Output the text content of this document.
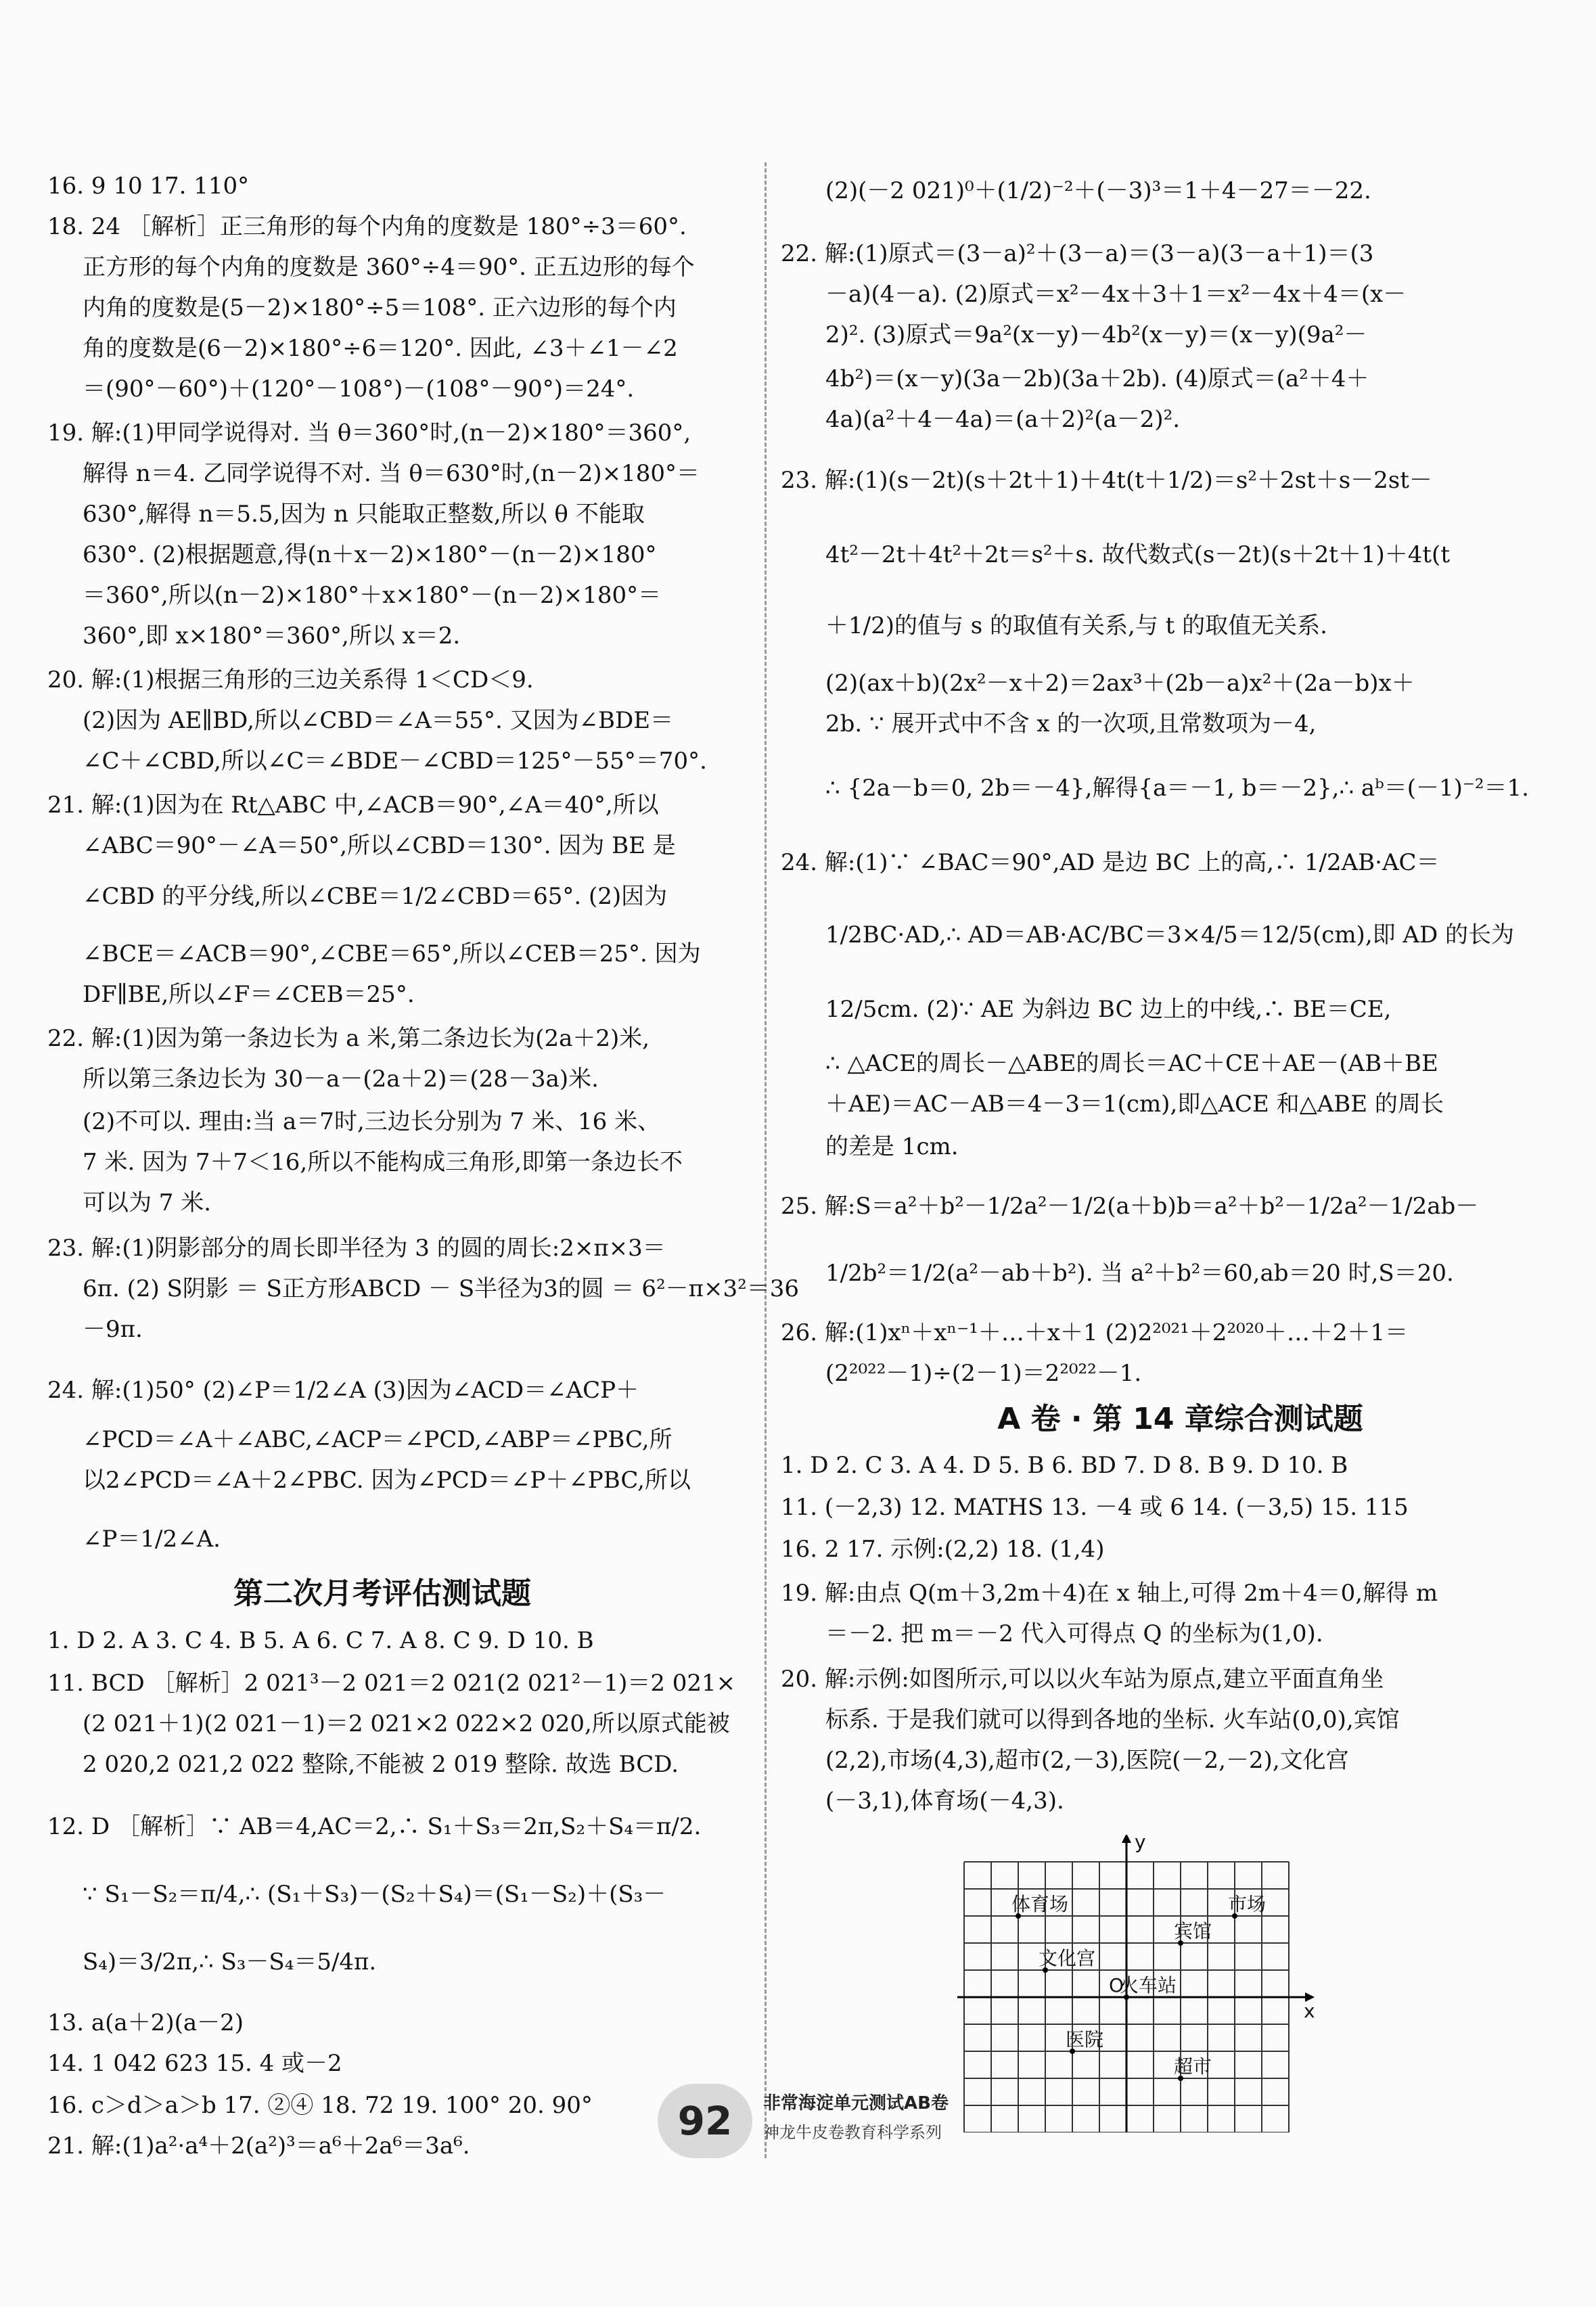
16. 9 10 17. 110°
18. 24 ［解析］正三角形的每个内角的度数是 180°÷3＝60°.
正方形的每个内角的度数是 360°÷4＝90°. 正五边形的每个
内角的度数是(5－2)×180°÷5＝108°. 正六边形的每个内
角的度数是(6－2)×180°÷6＝120°. 因此, ∠3＋∠1－∠2
＝(90°－60°)＋(120°－108°)－(108°－90°)＝24°.
19. 解:(1)甲同学说得对. 当 θ＝360°时,(n－2)×180°＝360°,
解得 n＝4. 乙同学说得不对. 当 θ＝630°时,(n－2)×180°＝
630°,解得 n＝5.5,因为 n 只能取正整数,所以 θ 不能取
630°. (2)根据题意,得(n＋x－2)×180°－(n－2)×180°
＝360°,所以(n－2)×180°＋x×180°－(n－2)×180°＝
360°,即 x×180°＝360°,所以 x＝2.
20. 解:(1)根据三角形的三边关系得 1＜CD＜9.
(2)因为 AE∥BD,所以∠CBD＝∠A＝55°. 又因为∠BDE＝
∠C＋∠CBD,所以∠C＝∠BDE－∠CBD＝125°－55°＝70°.
21. 解:(1)因为在 Rt△ABC 中,∠ACB＝90°,∠A＝40°,所以
∠ABC＝90°－∠A＝50°,所以∠CBD＝130°. 因为 BE 是
∠CBD 的平分线,所以∠CBE＝1/2∠CBD＝65°. (2)因为
∠BCE＝∠ACB＝90°,∠CBE＝65°,所以∠CEB＝25°. 因为
DF∥BE,所以∠F＝∠CEB＝25°.
22. 解:(1)因为第一条边长为 a 米,第二条边长为(2a＋2)米,
所以第三条边长为 30－a－(2a＋2)＝(28－3a)米.
(2)不可以. 理由:当 a＝7时,三边长分别为 7 米、16 米、
7 米. 因为 7＋7＜16,所以不能构成三角形,即第一条边长不
可以为 7 米.
23. 解:(1)阴影部分的周长即半径为 3 的圆的周长:2×π×3＝
6π. (2) S阴影 ＝ S正方形ABCD － S半径为3的圆 ＝ 6²－π×3²＝36
－9π.
24. 解:(1)50° (2)∠P＝1/2∠A (3)因为∠ACD＝∠ACP＋
∠PCD＝∠A＋∠ABC,∠ACP＝∠PCD,∠ABP＝∠PBC,所
以2∠PCD＝∠A＋2∠PBC. 因为∠PCD＝∠P＋∠PBC,所以
∠P＝1/2∠A.
第二次月考评估测试题
1. D 2. A 3. C 4. B 5. A 6. C 7. A 8. C 9. D 10. B
11. BCD ［解析］2 021³－2 021＝2 021(2 021²－1)＝2 021×
(2 021＋1)(2 021－1)＝2 021×2 022×2 020,所以原式能被
2 020,2 021,2 022 整除,不能被 2 019 整除. 故选 BCD.
12. D ［解析］∵ AB＝4,AC＝2,∴ S₁＋S₃＝2π,S₂＋S₄＝π/2.
∵ S₁－S₂＝π/4,∴ (S₁＋S₃)－(S₂＋S₄)＝(S₁－S₂)＋(S₃－
S₄)＝3/2π,∴ S₃－S₄＝5/4π.
13. a(a＋2)(a－2)
14. 1 042 623 15. 4 或－2
16. c＞d＞a＞b 17. ②④ 18. 72 19. 100° 20. 90°
21. 解:(1)a²·a⁴＋2(a²)³＝a⁶＋2a⁶＝3a⁶.
(2)(－2 021)⁰＋(1/2)⁻²＋(－3)³＝1＋4－27＝－22.
22. 解:(1)原式＝(3－a)²＋(3－a)＝(3－a)(3－a＋1)＝(3
－a)(4－a). (2)原式＝x²－4x＋3＋1＝x²－4x＋4＝(x－
2)². (3)原式＝9a²(x－y)－4b²(x－y)＝(x－y)(9a²－
4b²)＝(x－y)(3a－2b)(3a＋2b). (4)原式＝(a²＋4＋
4a)(a²＋4－4a)＝(a＋2)²(a－2)².
23. 解:(1)(s－2t)(s＋2t＋1)＋4t(t＋1/2)＝s²＋2st＋s－2st－
4t²－2t＋4t²＋2t＝s²＋s. 故代数式(s－2t)(s＋2t＋1)＋4t(t
＋1/2)的值与 s 的取值有关系,与 t 的取值无关系.
(2)(ax＋b)(2x²－x＋2)＝2ax³＋(2b－a)x²＋(2a－b)x＋
2b. ∵ 展开式中不含 x 的一次项,且常数项为－4,
∴ {2a－b＝0, 2b＝－4},解得{a＝－1, b＝－2},∴ aᵇ＝(－1)⁻²＝1.
24. 解:(1)∵ ∠BAC＝90°,AD 是边 BC 上的高,∴ 1/2AB·AC＝
1/2BC·AD,∴ AD＝AB·AC/BC＝3×4/5＝12/5(cm),即 AD 的长为
12/5cm. (2)∵ AE 为斜边 BC 边上的中线,∴ BE＝CE,
∴ △ACE的周长－△ABE的周长＝AC＋CE＋AE－(AB＋BE
＋AE)＝AC－AB＝4－3＝1(cm),即△ACE 和△ABE 的周长
的差是 1cm.
25. 解:S＝a²＋b²－1/2a²－1/2(a＋b)b＝a²＋b²－1/2a²－1/2ab－
1/2b²＝1/2(a²－ab＋b²). 当 a²＋b²＝60,ab＝20 时,S＝20.
26. 解:(1)xⁿ＋xⁿ⁻¹＋…＋x＋1 (2)2²⁰²¹＋2²⁰²⁰＋…＋2＋1＝
(2²⁰²²－1)÷(2－1)＝2²⁰²²－1.
A 卷 · 第 14 章综合测试题
1. D 2. C 3. A 4. D 5. B 6. BD 7. D 8. B 9. D 10. B
11. (－2,3) 12. MATHS 13. －4 或 6 14. (－3,5) 15. 115
16. 2 17. 示例:(2,2) 18. (1,4)
19. 解:由点 Q(m＋3,2m＋4)在 x 轴上,可得 2m＋4＝0,解得 m
＝－2. 把 m＝－2 代入可得点 Q 的坐标为(1,0).
20. 解:示例:如图所示,可以以火车站为原点,建立平面直角坐
标系. 于是我们就可以得到各地的坐标. 火车站(0,0),宾馆
(2,2),市场(4,3),超市(2,－3),医院(－2,－2),文化宫
(－3,1),体育场(－4,3).
火车站
宾馆
市场
超市
医院
文化宫
体育场
x
y
O
92	非常海淀单元测试AB卷
神龙牛皮卷教育科学系列
